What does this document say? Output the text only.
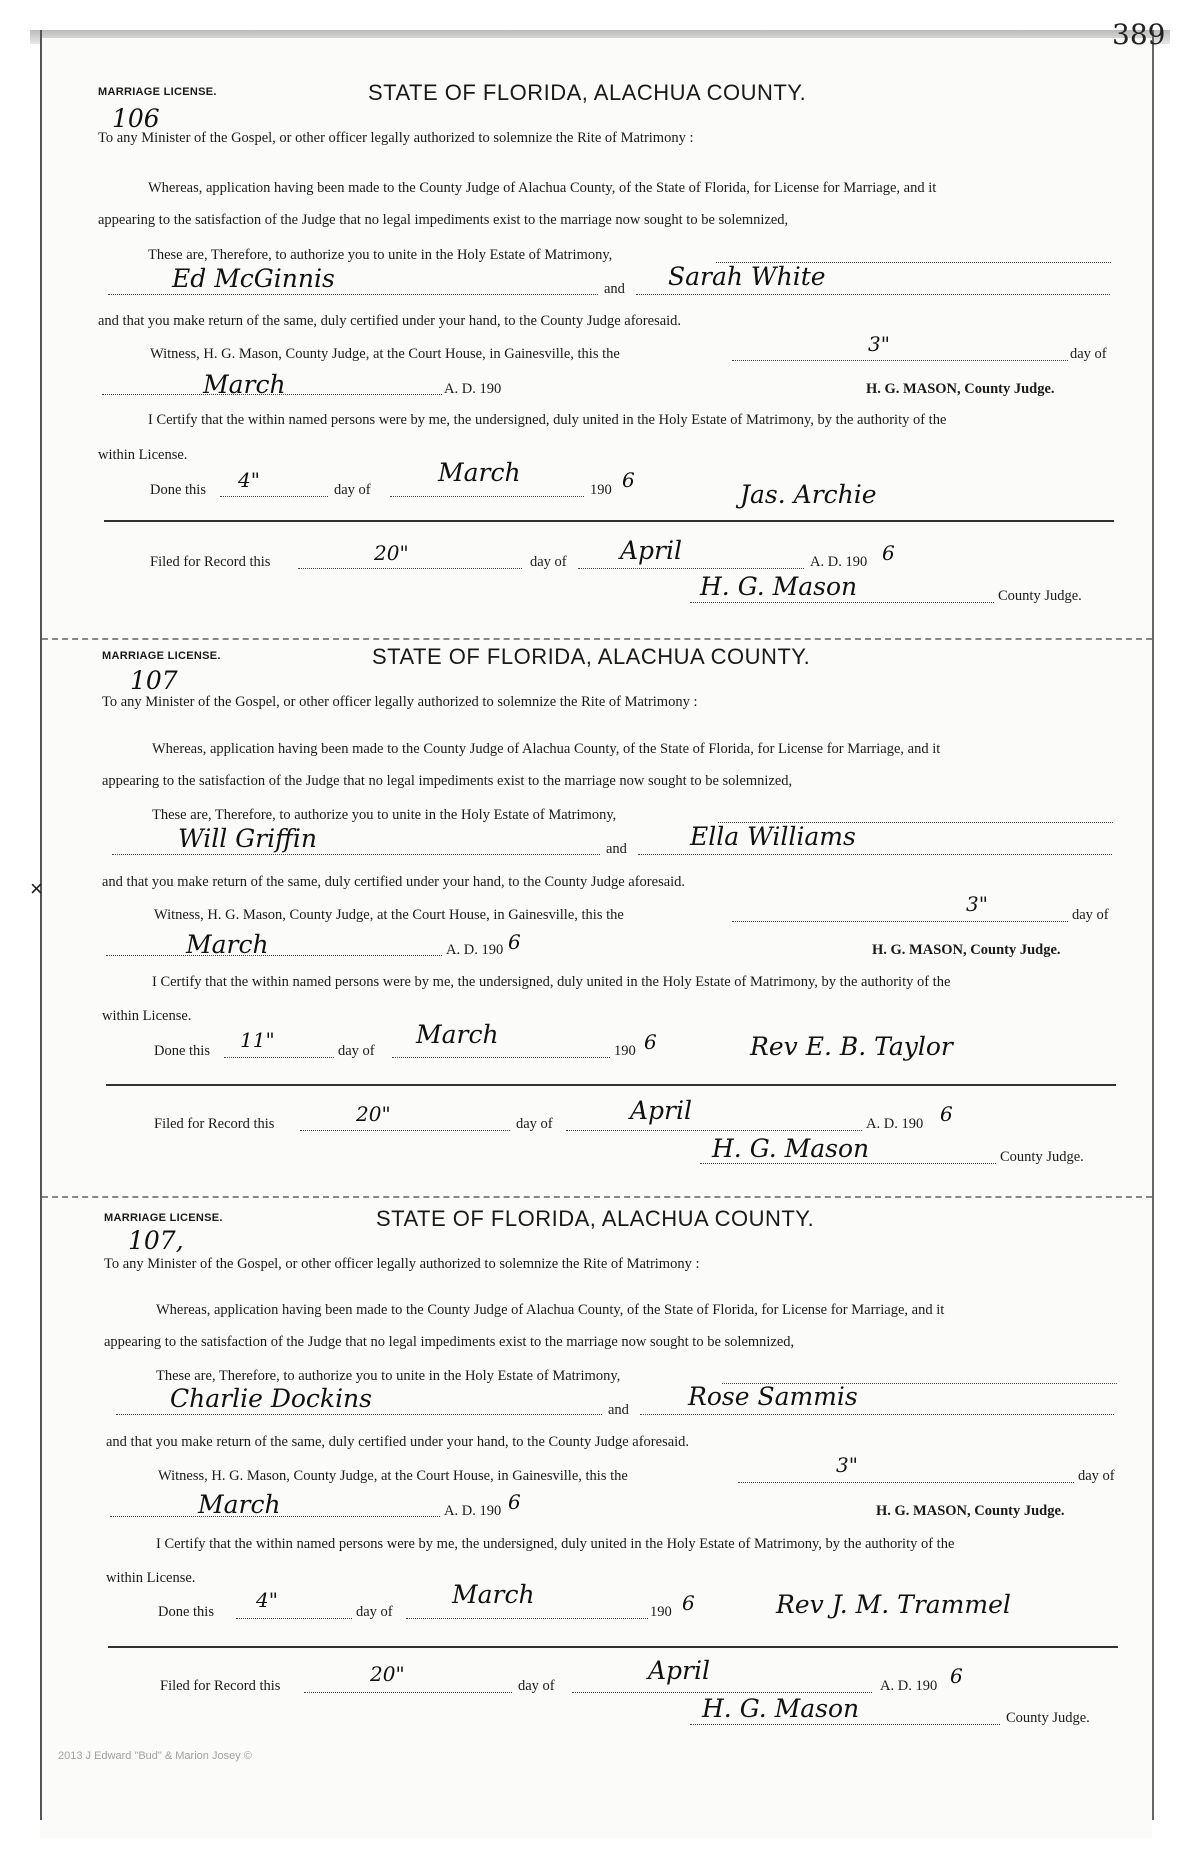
389
×
MARRIAGE LICENSE.	STATE OF FLORIDA, ALACHUA COUNTY.
106
To any Minister of the Gospel, or other officer legally authorized to solemnize the Rite of Matrimony :
Whereas, application having been made to the County Judge of Alachua County, of the State of Florida, for License for Marriage, and it
appearing to the satisfaction of the Judge that no legal impediments exist to the marriage now sought to be solemnized,
These are, Therefore, to authorize you to unite in the Holy Estate of Matrimony,
Ed McGinnis	and Sarah White
and that you make return of the same, duly certified under your hand, to the County Judge aforesaid.
Witness, H. G. Mason, County Judge, at the Court House, in Gainesville, this the	3"	day of
March	A. D. 190	H. G. MASON, County Judge.
I Certify that the within named persons were by me, the undersigned, duly united in the Holy Estate of Matrimony, by the authority of the
within License.
Done this 4"	day of
March
190 6	Jas. Archie
Filed for Record this	20"	day of April	A. D. 190 6
H. G. Mason	County Judge.
MARRIAGE LICENSE.	STATE OF FLORIDA, ALACHUA COUNTY.
107
To any Minister of the Gospel, or other officer legally authorized to solemnize the Rite of Matrimony :
Whereas, application having been made to the County Judge of Alachua County, of the State of Florida, for License for Marriage, and it
appearing to the satisfaction of the Judge that no legal impediments exist to the marriage now sought to be solemnized,
These are, Therefore, to authorize you to unite in the Holy Estate of Matrimony,
Will Griffin	and	Ella Williams
and that you make return of the same, duly certified under your hand, to the County Judge aforesaid.
Witness, H. G. Mason, County Judge, at the Court House, in Gainesville, this the	3"	day of
March	A. D. 190 6	H. G. MASON, County Judge.
I Certify that the within named persons were by me, the undersigned, duly united in the Holy Estate of Matrimony, by the authority of the
within License.
Done this 11"	day of
March
190 6	Rev E. B. Taylor
Filed for Record this	20"	day of	April	A. D. 190 6
H. G. Mason	County Judge.
MARRIAGE LICENSE.	STATE OF FLORIDA, ALACHUA COUNTY.
107,
To any Minister of the Gospel, or other officer legally authorized to solemnize the Rite of Matrimony :
Whereas, application having been made to the County Judge of Alachua County, of the State of Florida, for License for Marriage, and it
appearing to the satisfaction of the Judge that no legal impediments exist to the marriage now sought to be solemnized,
These are, Therefore, to authorize you to unite in the Holy Estate of Matrimony,
Charlie Dockins	and Rose Sammis
and that you make return of the same, duly certified under your hand, to the County Judge aforesaid.
Witness, H. G. Mason, County Judge, at the Court House, in Gainesville, this the	3"	day of
March	A. D. 190 6	H. G. MASON, County Judge.
I Certify that the within named persons were by me, the undersigned, duly united in the Holy Estate of Matrimony, by the authority of the
within License.
Done this 4"	day of
March
190 6	Rev J. M. Trammel
Filed for Record this	20"	day of
April
A. D. 190 6
H. G. Mason	County Judge.
2013 J Edward "Bud" & Marion Josey ©
